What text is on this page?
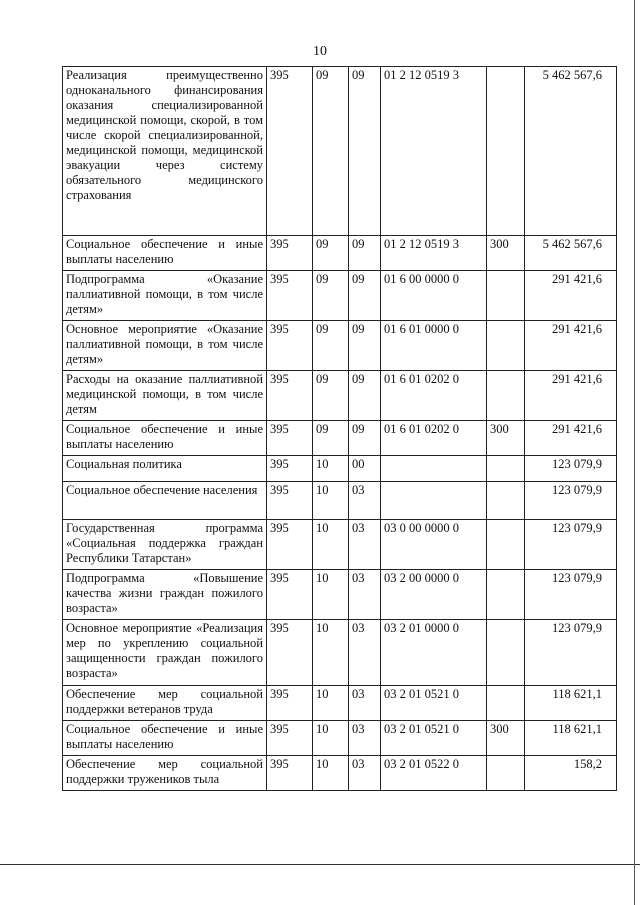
10
Реализация преимущественно одноканального финансирования оказания специализированной медицинской помощи, скорой, в том числе скорой специализированной, медицинской помощи, медицинской эвакуации через систему обязательного медицинского страхования	395	09	09	01 2 12 0519 3		5 462 567,6
Социальное обеспечение и иные выплаты населению	395	09	09	01 2 12 0519 3	300	5 462 567,6
Подпрограмма «Оказание паллиативной помощи, в том числе детям»	395	09	09	01 6 00 0000 0		291 421,6
Основное мероприятие «Оказание паллиативной помощи, в том числе детям»	395	09	09	01 6 01 0000 0		291 421,6
Расходы на оказание паллиативной медицинской помощи, в том числе детям	395	09	09	01 6 01 0202 0		291 421,6
Социальное обеспечение и иные выплаты населению	395	09	09	01 6 01 0202 0	300	291 421,6
Социальная политика	395	10	00			123 079,9
Социальное обеспечение населения	395	10	03			123 079,9
Государственная программа «Социальная поддержка граждан Республики Татарстан»	395	10	03	03 0 00 0000 0		123 079,9
Подпрограмма «Повышение качества жизни граждан пожилого возраста»	395	10	03	03 2 00 0000 0		123 079,9
Основное мероприятие «Реализация мер по укреплению социальной защищенности граждан пожилого возраста»	395	10	03	03 2 01 0000 0		123 079,9
Обеспечение мер социальной поддержки ветеранов труда	395	10	03	03 2 01 0521 0		118 621,1
Социальное обеспечение и иные выплаты населению	395	10	03	03 2 01 0521 0	300	118 621,1
Обеспечение мер социальной поддержки тружеников тыла	395	10	03	03 2 01 0522 0		158,2
